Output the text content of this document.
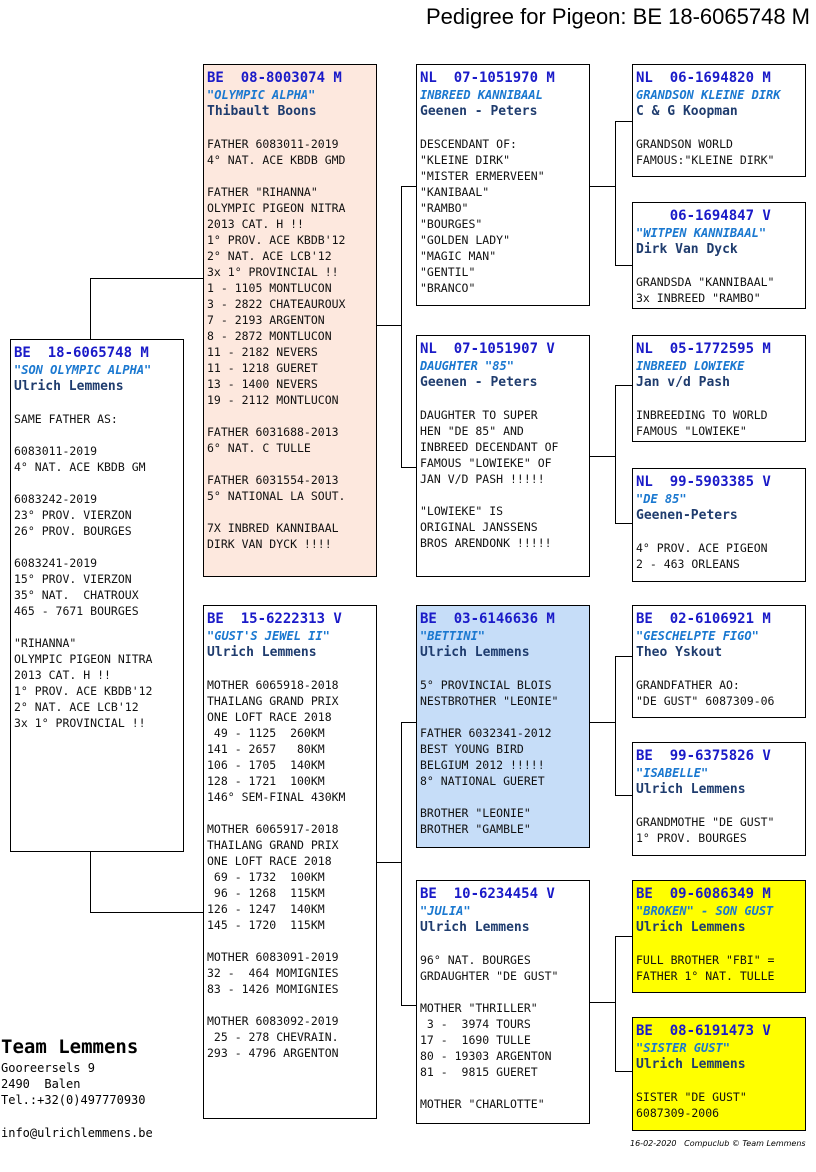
Pedigree for Pigeon: BE 18-6065748 M
BE  18-6065748 M
"SON OLYMPIC ALPHA"
Ulrich Lemmens
SAME FATHER AS:

6083011-2019
4° NAT. ACE KBDB GM

6083242-2019
23° PROV. VIERZON
26° PROV. BOURGES

6083241-2019
15° PROV. VIERZON
35° NAT.  CHATROUX
465 - 7671 BOURGES

"RIHANNA"
OLYMPIC PIGEON NITRA
2013 CAT. H !!
1° PROV. ACE KBDB'12
2° NAT. ACE LCB'12
3x 1° PROVINCIAL !!
BE  08-8003074 M
"OLYMPIC ALPHA"
Thibault Boons
FATHER 6083011-2019
4° NAT. ACE KBDB GMD

FATHER "RIHANNA"
OLYMPIC PIGEON NITRA
2013 CAT. H !!
1° PROV. ACE KBDB'12
2° NAT. ACE LCB'12
3x 1° PROVINCIAL !!
1 - 1105 MONTLUCON
3 - 2822 CHATEAUROUX
7 - 2193 ARGENTON
8 - 2872 MONTLUCON
11 - 2182 NEVERS
11 - 1218 GUERET
13 - 1400 NEVERS
19 - 2112 MONTLUCON

FATHER 6031688-2013
6° NAT. C TULLE

FATHER 6031554-2013
5° NATIONAL LA SOUT.

7X INBRED KANNIBAAL
DIRK VAN DYCK !!!!
BE  15-6222313 V
"GUST'S JEWEL II"
Ulrich Lemmens
MOTHER 6065918-2018
THAILANG GRAND PRIX
ONE LOFT RACE 2018
49 - 1125  260KM
141 - 2657   80KM
106 - 1705  140KM
128 - 1721  100KM
146° SEM-FINAL 430KM

MOTHER 6065917-2018
THAILANG GRAND PRIX
ONE LOFT RACE 2018
69 - 1732  100KM
96 - 1268  115KM
126 - 1247  140KM
145 - 1720  115KM

MOTHER 6083091-2019
32 -  464 MOMIGNIES
83 - 1426 MOMIGNIES

MOTHER 6083092-2019
25 - 278 CHEVRAIN.
293 - 4796 ARGENTON
NL  07-1051970 M
INBREED KANNIBAAL
Geenen - Peters
DESCENDANT OF:
"KLEINE DIRK"
"MISTER ERMERVEEN"
"KANIBAAL"
"RAMBO"
"BOURGES"
"GOLDEN LADY"
"MAGIC MAN"
"GENTIL"
"BRANCO"
NL  07-1051907 V
DAUGHTER "85"
Geenen - Peters
DAUGHTER TO SUPER
HEN "DE 85" AND
INBREED DECENDANT OF
FAMOUS "LOWIEKE" OF
JAN V/D PASH !!!!!

"LOWIEKE" IS
ORIGINAL JANSSENS
BROS ARENDONK !!!!!
BE  03-6146636 M
"BETTINI"
Ulrich Lemmens
5° PROVINCIAL BLOIS
NESTBROTHER "LEONIE"

FATHER 6032341-2012
BEST YOUNG BIRD
BELGIUM 2012 !!!!!
8° NATIONAL GUERET

BROTHER "LEONIE"
BROTHER "GAMBLE"
BE  10-6234454 V
"JULIA"
Ulrich Lemmens
96° NAT. BOURGES
GRDAUGHTER "DE GUST"

MOTHER "THRILLER"
3 -  3974 TOURS
17 -  1690 TULLE
80 - 19303 ARGENTON
81 -  9815 GUERET

MOTHER "CHARLOTTE"
NL  06-1694820 M
GRANDSON KLEINE DIRK
C & G Koopman
GRANDSON WORLD
FAMOUS:"KLEINE DIRK"
06-1694847 V
"WITPEN KANNIBAAL"
Dirk Van Dyck
GRANDSDA "KANNIBAAL"
3x INBREED "RAMBO"
NL  05-1772595 M
INBREED LOWIEKE
Jan v/d Pash
INBREEDING TO WORLD
FAMOUS "LOWIEKE"
NL  99-5903385 V
"DE 85"
Geenen-Peters
4° PROV. ACE PIGEON
2 - 463 ORLEANS
BE  02-6106921 M
"GESCHELPTE FIGO"
Theo Yskout
GRANDFATHER AO:
"DE GUST" 6087309-06
BE  99-6375826 V
"ISABELLE"
Ulrich Lemmens
GRANDMOTHE "DE GUST"
1° PROV. BOURGES
BE  09-6086349 M
"BROKEN" - SON GUST
Ulrich Lemmens
FULL BROTHER "FBI" =
FATHER 1° NAT. TULLE
BE  08-6191473 V
"SISTER GUST"
Ulrich Lemmens
SISTER "DE GUST"
6087309-2006
Team Lemmens
Gooreersels 9
2490  Balen
Tel.:+32(0)497770930
info@ulrichlemmens.be
16-02-2020   Compuclub © Team Lemmens
